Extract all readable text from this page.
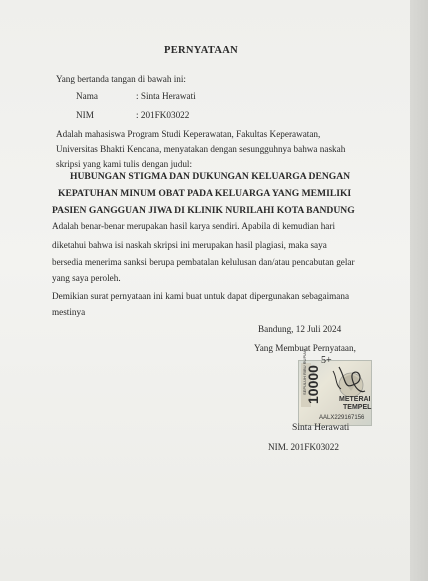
PERNYATAAN
Yang bertanda tangan di bawah ini:
Nama	: Sinta Herawati
NIM	: 201FK03022
Adalah mahasiswa Program Studi Keperawatan, Fakultas Keperawatan,
Universitas Bhakti Kencana, menyatakan dengan sesungguhnya bahwa naskah
skripsi yang kami tulis dengan judul:
HUBUNGAN STIGMA DAN DUKUNGAN KELUARGA DENGAN
KEPATUHAN MINUM OBAT PADA KELUARGA YANG MEMILIKI
PASIEN GANGGUAN JIWA DI KLINIK NURILAHI KOTA BANDUNG
Adalah benar-benar merupakan hasil karya sendiri. Apabila di kemudian hari
diketahui bahwa isi naskah skripsi ini merupakan hasil plagiasi, maka saya
bersedia menerima sanksi berupa pembatalan kelulusan dan/atau pencabutan gelar
yang saya peroleh.
Demikian surat pernyataan ini kami buat untuk dapat dipergunakan sebagaimana
mestinya
Bandung, 12 Juli 2024
Yang Membuat Pernyataan,
5+
SEPULUH RIBU RUPIAH
10000	METERAI
TEMPEL
AALX229167156
Sinta Herawati
NIM. 201FK03022
